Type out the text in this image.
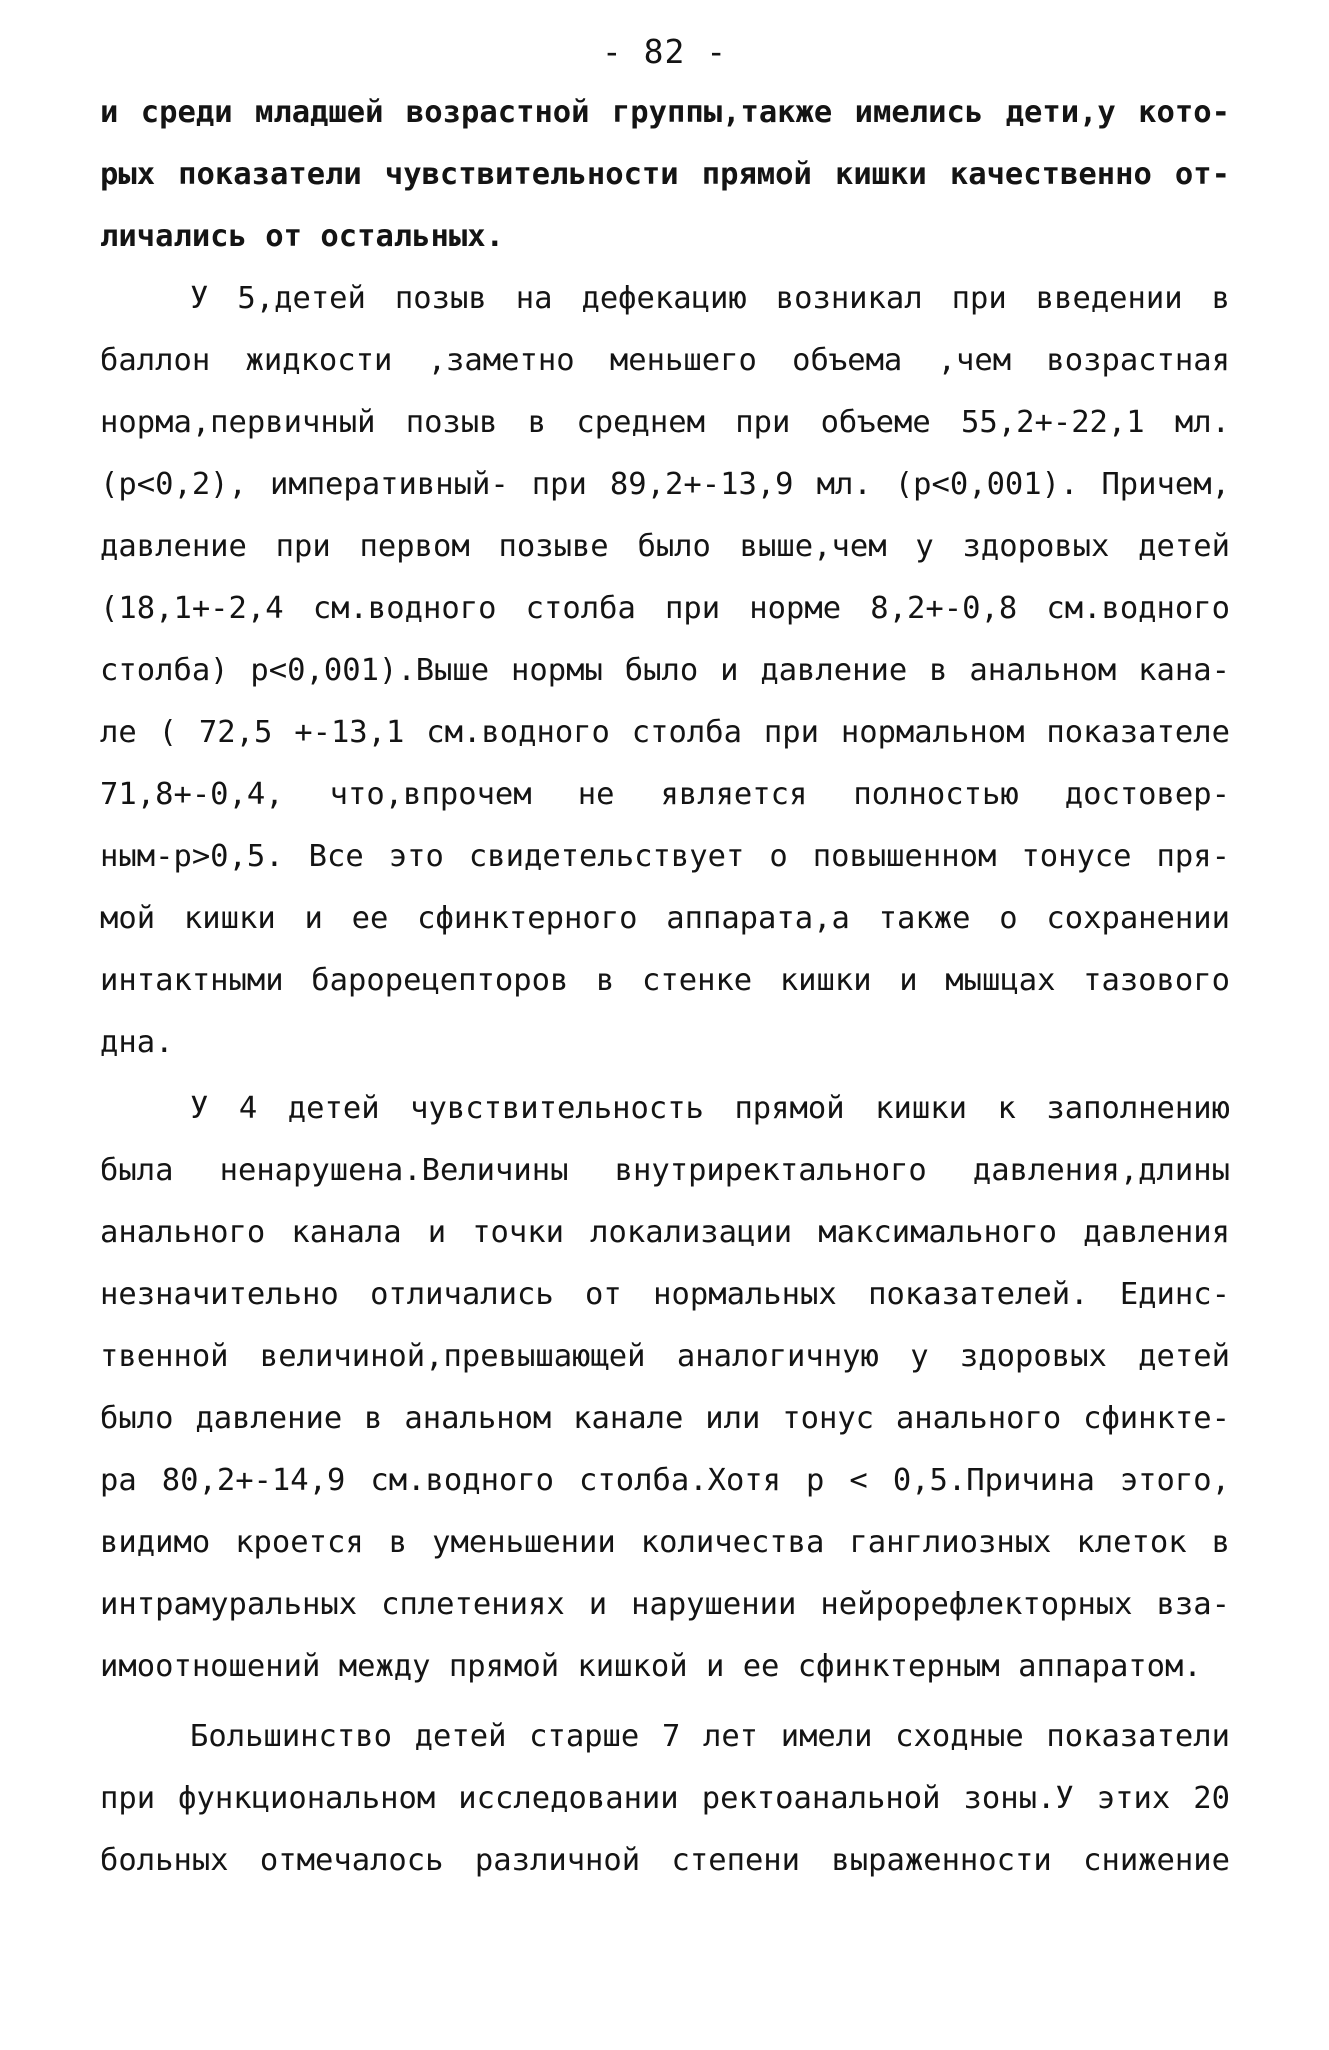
- 82 -
и среди младшей возрастной группы,также имелись дети,у кото-
рых показатели чувствительности прямой кишки качественно от-
личались от остальных.
У 5,детей позыв на дефекацию возникал при введении в
баллон жидкости ,заметно меньшего объема ,чем возрастная
норма,первичный позыв в среднем при объеме 55,2+-22,1 мл.
(р<0,2), императивный- при 89,2+-13,9 мл. (р<0,001). Причем,
давление при первом позыве было выше,чем у здоровых детей
(18,1+-2,4 см.водного столба при норме 8,2+-0,8 см.водного
столба) р<0,001).Выше нормы было и давление в анальном кана-
ле ( 72,5 +-13,1 см.водного столба при нормальном показателе
71,8+-0,4, что,впрочем не является полностью достовер-
ным-р>0,5. Все это свидетельствует о повышенном тонусе пря-
мой кишки и ее сфинктерного аппарата,а также о сохранении
интактными барорецепторов в стенке кишки и мышцах тазового
дна.
У 4 детей чувствительность прямой кишки к заполнению
была ненарушена.Величины внутриректального давления,длины
анального канала и точки локализации максимального давления
незначительно отличались от нормальных показателей. Единс-
твенной величиной,превышающей аналогичную у здоровых детей
было давление в анальном канале или тонус анального сфинкте-
ра 80,2+-14,9 см.водного столба.Хотя р < 0,5.Причина этого,
видимо кроется в уменьшении количества ганглиозных клеток в
интрамуральных сплетениях и нарушении нейрорефлекторных вза-
имоотношений между прямой кишкой и ее сфинктерным аппаратом.
Большинство детей старше 7 лет имели сходные показатели
при функциональном исследовании ректоанальной зоны.У этих 20
больных отмечалось различной степени выраженности снижение
